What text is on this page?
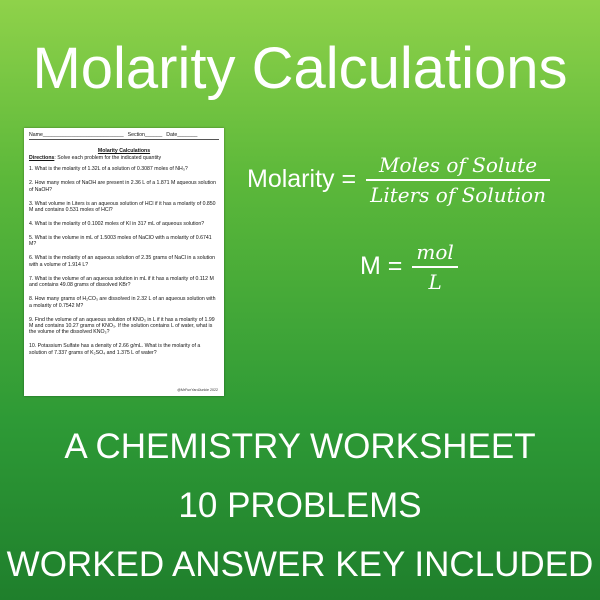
Molarity Calculations
Name____________________________ Section______ Date_______
Molarity Calculations
Directions: Solve each problem for the indicated quantity
1. What is the molarity of 1.32L of a solution of 0.3087 moles of NH₃?
2. How many moles of NaOH are present in 2.36 L of a 1.871 M aqueous solution of NaOH?
3. What volume in Liters is an aqueous solution of HCl if it has a molarity of 0.850 M and contains 0.531 moles of HCl?
4. What is the molarity of 0.1002 moles of KI in 317 mL of aqueous solution?
5. What is the volume in mL of 1.5003 moles of NaClO with a molarity of 0.6741 M?
6. What is the molarity of an aqueous solution of 2.35 grams of NaCl in a solution with a volume of 1.914 L?
7. What is the volume of an aqueous solution in mL if it has a molarity of 0.112 M and contains 49.08 grams of dissolved KBr?
8. How many grams of H₂CO₃ are dissolved in 2.32 L of an aqueous solution with a molarity of 0.7542 M?
9. Find the volume of an aqueous solution of KNO₃ in L if it has a molarity of 1.99 M and contains 10.27 grams of KNO₃. If the solution contains L of water, what is the volume of the dissolved KNO₃?
10. Potassium Sulfate has a density of 2.66 g/mL. What is the molarity of a solution of 7.337 grams of K₂SO₄ and 1.375 L of water?
@MrFunYardJunkie 2022
Molarity = $\frac{\text{Moles of Solute}}{\text{Liters of Solution}}$
$M = \frac{\text{mol}}{L}$
A CHEMISTRY WORKSHEET
10 PROBLEMS
WORKED ANSWER KEY INCLUDED
